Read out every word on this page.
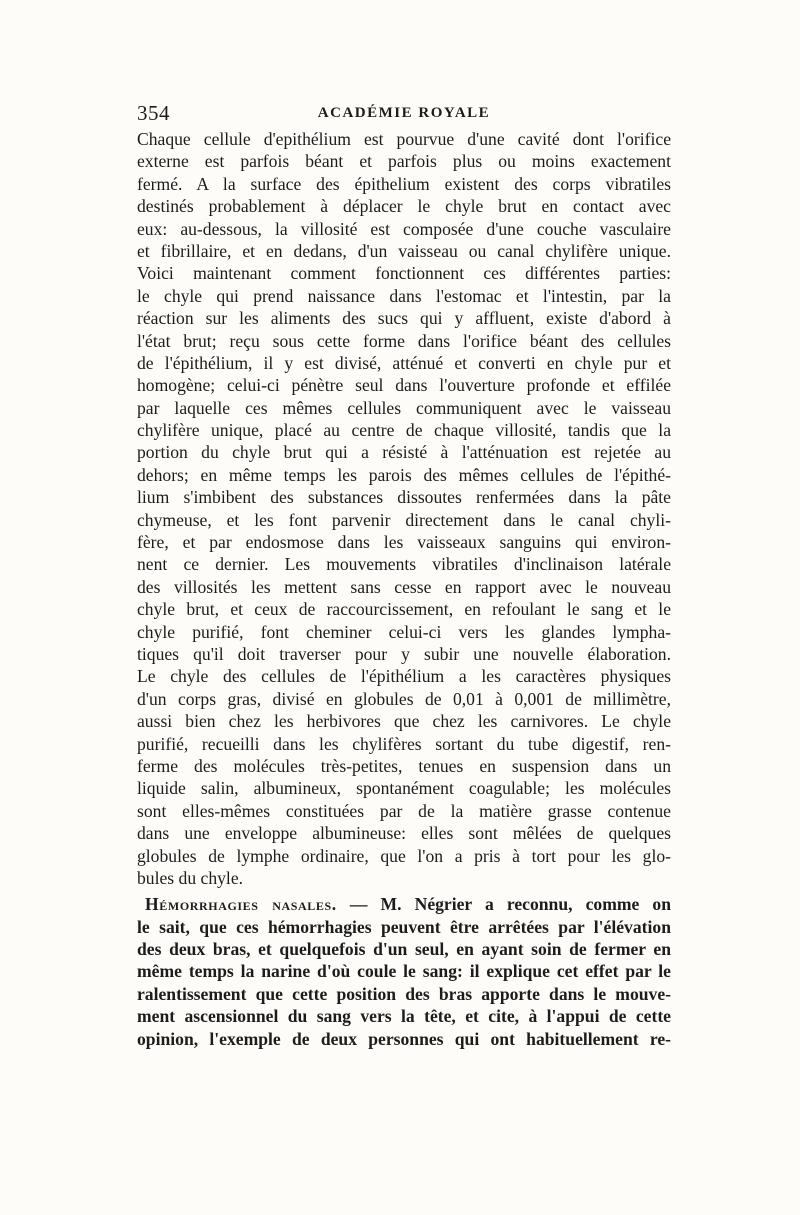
354	ACADÉMIE ROYALE
Chaque cellule d'epithélium est pourvue d'une cavité dont l'orifice
externe est parfois béant et parfois plus ou moins exactement
fermé. A la surface des épithelium existent des corps vibratiles
destinés probablement à déplacer le chyle brut en contact avec
eux: au-dessous, la villosité est composée d'une couche vasculaire
et fibrillaire, et en dedans, d'un vaisseau ou canal chylifère unique.
Voici maintenant comment fonctionnent ces différentes parties:
le chyle qui prend naissance dans l'estomac et l'intestin, par la
réaction sur les aliments des sucs qui y affluent, existe d'abord à
l'état brut; reçu sous cette forme dans l'orifice béant des cellules
de l'épithélium, il y est divisé, atténué et converti en chyle pur et
homogène; celui-ci pénètre seul dans l'ouverture profonde et effilée
par laquelle ces mêmes cellules communiquent avec le vaisseau
chylifère unique, placé au centre de chaque villosité, tandis que la
portion du chyle brut qui a résisté à l'atténuation est rejetée au
dehors; en même temps les parois des mêmes cellules de l'épithé-
lium s'imbibent des substances dissoutes renfermées dans la pâte
chymeuse, et les font parvenir directement dans le canal chyli-
fère, et par endosmose dans les vaisseaux sanguins qui environ-
nent ce dernier. Les mouvements vibratiles d'inclinaison latérale
des villosités les mettent sans cesse en rapport avec le nouveau
chyle brut, et ceux de raccourcissement, en refoulant le sang et le
chyle purifié, font cheminer celui-ci vers les glandes lympha-
tiques qu'il doit traverser pour y subir une nouvelle élaboration.
Le chyle des cellules de l'épithélium a les caractères physiques
d'un corps gras, divisé en globules de 0,01 à 0,001 de millimètre,
aussi bien chez les herbivores que chez les carnivores. Le chyle
purifié, recueilli dans les chylifères sortant du tube digestif, ren-
ferme des molécules très-petites, tenues en suspension dans un
liquide salin, albumineux, spontanément coagulable; les molécules
sont elles-mêmes constituées par de la matière grasse contenue
dans une enveloppe albumineuse: elles sont mêlées de quelques
globules de lymphe ordinaire, que l'on a pris à tort pour les glo-
bules du chyle.
Hémorrhagies nasales. — M. Négrier a reconnu, comme on
le sait, que ces hémorrhagies peuvent être arrêtées par l'élévation
des deux bras, et quelquefois d'un seul, en ayant soin de fermer en
même temps la narine d'où coule le sang: il explique cet effet par le
ralentissement que cette position des bras apporte dans le mouve-
ment ascensionnel du sang vers la tête, et cite, à l'appui de cette
opinion, l'exemple de deux personnes qui ont habituellement re-
